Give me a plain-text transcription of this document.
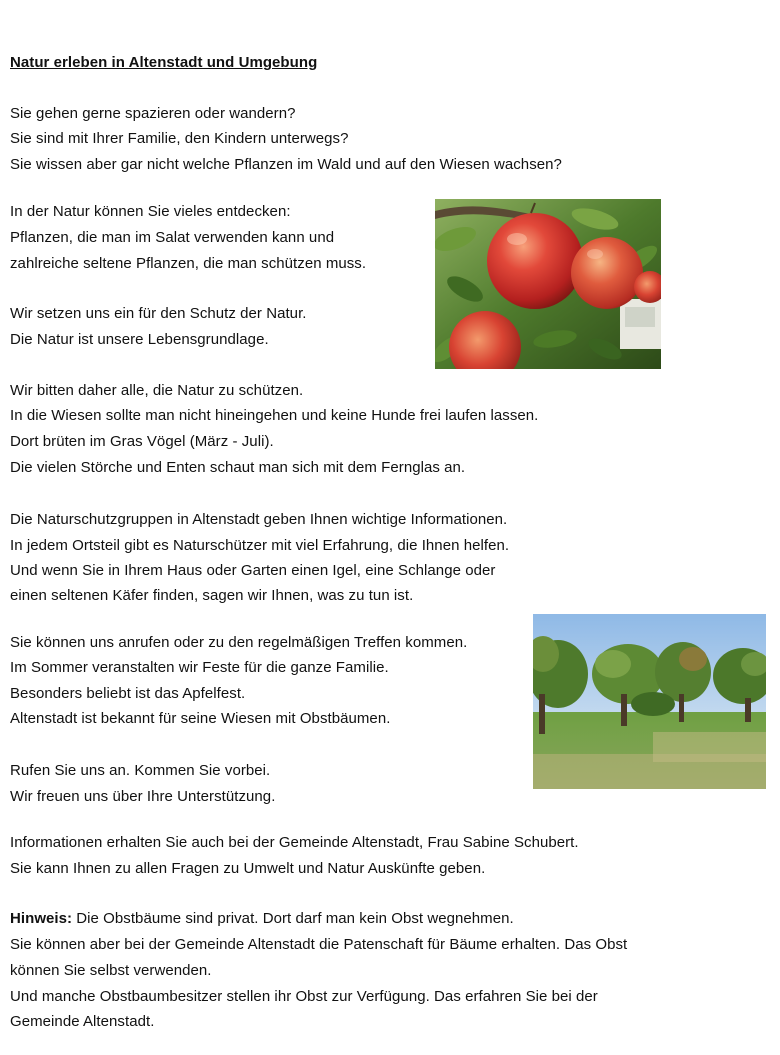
Natur erleben in Altenstadt und Umgebung
Sie gehen gerne spazieren oder wandern?
Sie sind mit Ihrer Familie, den Kindern unterwegs?
Sie wissen aber gar nicht welche Pflanzen im Wald und auf den Wiesen wachsen?
In der Natur können Sie vieles entdecken:
Pflanzen, die man im Salat verwenden kann und
zahlreiche seltene Pflanzen, die man schützen muss.
Wir setzen uns ein für den Schutz der Natur.
Die Natur ist unsere Lebensgrundlage.
Wir bitten daher alle, die Natur zu schützen.
In die Wiesen sollte man nicht hineingehen und keine Hunde frei laufen lassen.
Dort brüten im Gras Vögel (März - Juli).
Die vielen Störche und Enten schaut man sich mit dem Fernglas an.
Die Naturschutzgruppen in Altenstadt geben Ihnen wichtige Informationen.
In jedem Ortsteil gibt es Naturschützer mit viel Erfahrung, die Ihnen helfen.
Und wenn Sie in Ihrem Haus oder Garten einen Igel, eine Schlange oder
einen seltenen Käfer finden, sagen wir Ihnen, was zu tun ist.
Sie können uns anrufen oder zu den regelmäßigen Treffen kommen.
Im Sommer veranstalten wir Feste für die ganze Familie.
Besonders beliebt ist das Apfelfest.
Altenstadt ist bekannt für seine Wiesen mit Obstbäumen.
Rufen Sie uns an. Kommen Sie vorbei.
Wir freuen uns über Ihre Unterstützung.
Informationen erhalten Sie auch bei der Gemeinde Altenstadt, Frau Sabine Schubert.
Sie kann Ihnen zu allen Fragen zu Umwelt und Natur Auskünfte geben.
Hinweis: Die Obstbäume sind privat. Dort darf man kein Obst wegnehmen.
Sie können aber bei der Gemeinde Altenstadt die Patenschaft für Bäume erhalten. Das Obst
können Sie selbst verwenden.
Und manche Obstbaumbesitzer stellen ihr Obst zur Verfügung. Das erfahren Sie bei der
Gemeinde Altenstadt.
